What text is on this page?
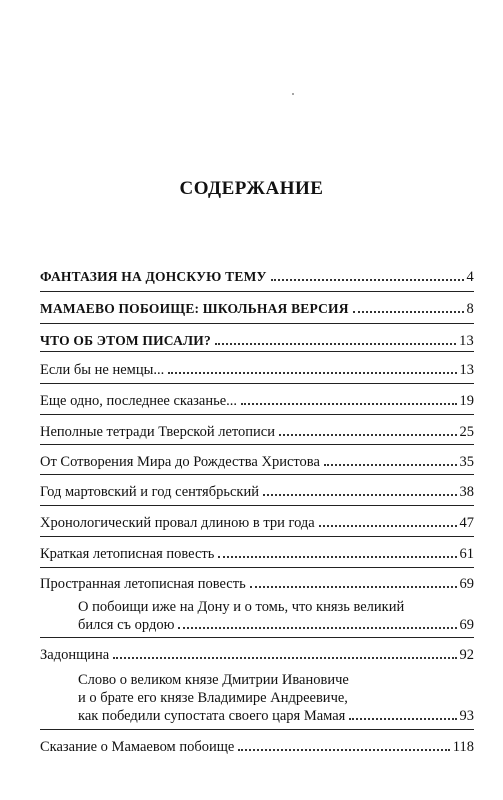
СОДЕРЖАНИЕ
ФАНТАЗИЯ НА ДОНСКУЮ ТЕМУ	4
МАМАЕВО ПОБОИЩЕ: ШКОЛЬНАЯ ВЕРСИЯ	8
ЧТО ОБ ЭТОМ ПИСАЛИ?	13
Если бы не немцы...	13
Еще одно, последнее сказанье...	19
Неполные тетради Тверской летописи	25
От Сотворения Мира до Рождества Христова	35
Год мартовский и год сентябрьский	38
Хронологический провал длиною в три года	47
Краткая летописная повесть	61
Пространная летописная повесть	69
О побоищи иже на Дону и о томь, что князь великий
бился съ ордою	69
Задонщина	92
Слово о великом князе Дмитрии Ивановиче
и о брате его князе Владимире Андреевиче,
как победили супостата своего царя Мамая	93
Сказание о Мамаевом побоище	118
